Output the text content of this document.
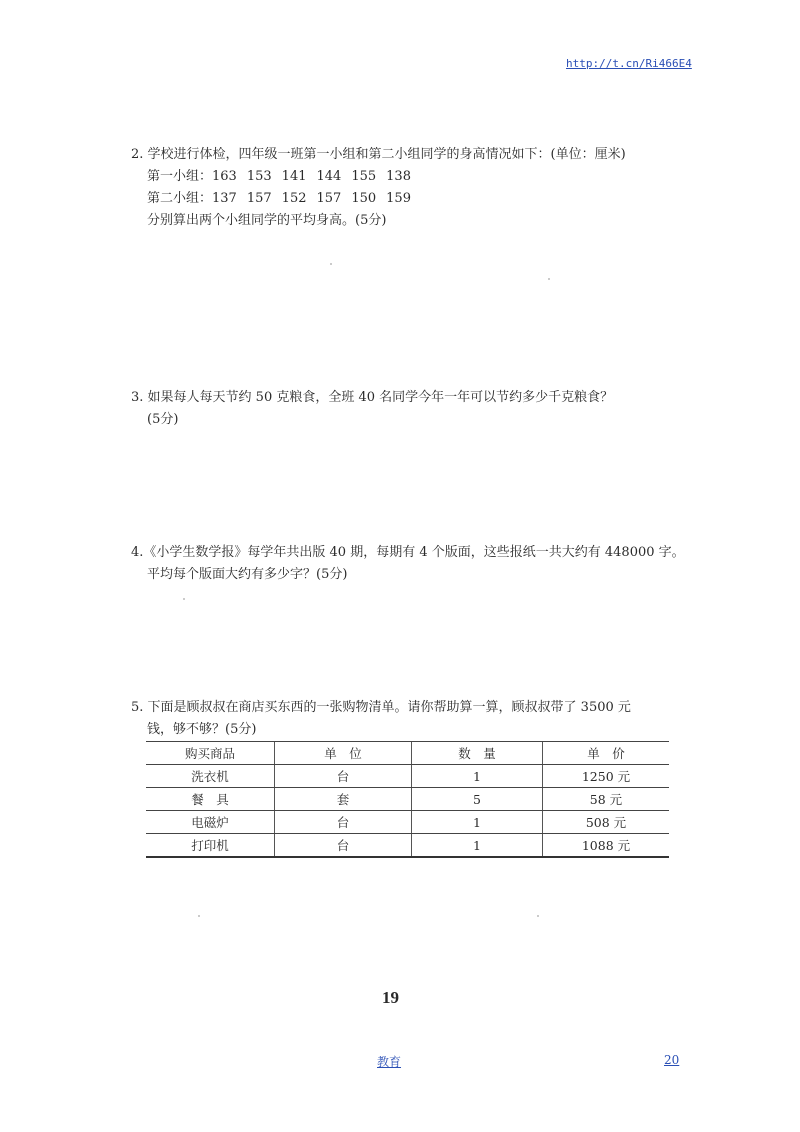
http://t.cn/Ri466E4
2. 学校进行体检，四年级一班第一小组和第二小组同学的身高情况如下：(单位：厘米)
第一小组：163 153 141 144 155 138
第二小组：137 157 152 157 150 159
分别算出两个小组同学的平均身高。(5分)
3. 如果每人每天节约 50 克粮食，全班 40 名同学今年一年可以节约多少千克粮食？
(5分)
4.《小学生数学报》每学年共出版 40 期，每期有 4 个版面，这些报纸一共大约有 448000 字。
平均每个版面大约有多少字？(5分)
5. 下面是顾叔叔在商店买东西的一张购物清单。请你帮助算一算，顾叔叔带了 3500 元
钱，够不够？(5分)
购买商品	单　位	数　量	单　价
洗衣机	台	1	1250 元
餐　具	套	5	58 元
电磁炉	台	1	508 元
打印机	台	1	1088 元
19
教育	20
